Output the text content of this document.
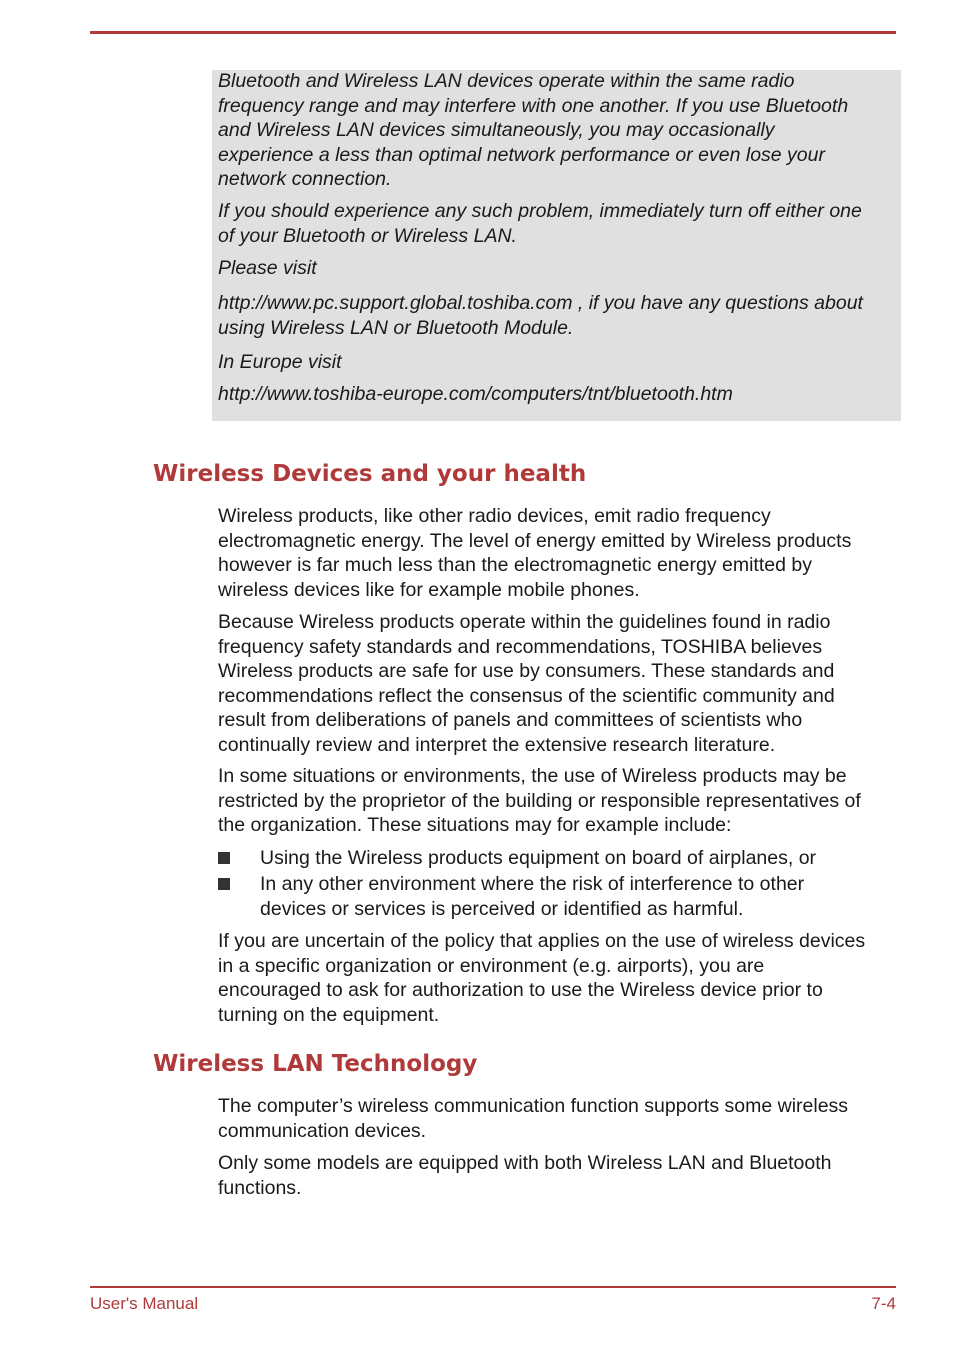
Bluetooth and Wireless LAN devices operate within the same radio
frequency range and may interfere with one another. If you use Bluetooth
and Wireless LAN devices simultaneously, you may occasionally
experience a less than optimal network performance or even lose your
network connection.

If you should experience any such problem, immediately turn off either one
of your Bluetooth or Wireless LAN.

Please visit

http://www.pc.support.global.toshiba.com , if you have any questions about
using Wireless LAN or Bluetooth Module.

In Europe visit

http://www.toshiba-europe.com/computers/tnt/bluetooth.htm

Wireless Devices and your health

Wireless products, like other radio devices, emit radio frequency
electromagnetic energy. The level of energy emitted by Wireless products
however is far much less than the electromagnetic energy emitted by
wireless devices like for example mobile phones.

Because Wireless products operate within the guidelines found in radio
frequency safety standards and recommendations, TOSHIBA believes
Wireless products are safe for use by consumers. These standards and
recommendations reflect the consensus of the scientific community and
result from deliberations of panels and committees of scientists who
continually review and interpret the extensive research literature.

In some situations or environments, the use of Wireless products may be
restricted by the proprietor of the building or responsible representatives of
the organization. These situations may for example include:

Using the Wireless products equipment on board of airplanes, or

In any other environment where the risk of interference to other
devices or services is perceived or identified as harmful.

If you are uncertain of the policy that applies on the use of wireless devices
in a specific organization or environment (e.g. airports), you are
encouraged to ask for authorization to use the Wireless device prior to
turning on the equipment.

Wireless LAN Technology

The computer’s wireless communication function supports some wireless
communication devices.

Only some models are equipped with both Wireless LAN and Bluetooth
functions.

User's Manual	7-4
